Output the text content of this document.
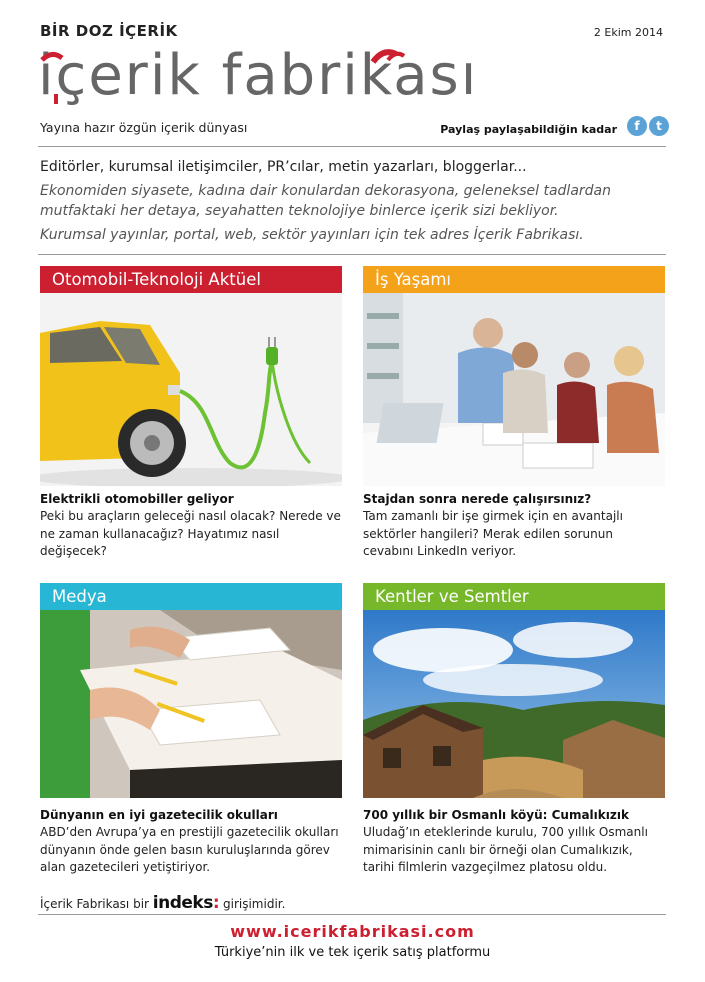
BİR DOZ İÇERİK	2 Ekim 2014
içerik fabrikası
Yayına hazır özgün içerik dünyası	Paylaş paylaşabildiğin kadar	f	t
Editörler, kurumsal iletişimciler, PR’cılar, metin yazarları, bloggerlar...
Ekonomiden siyasete, kadına dair konulardan dekorasyona, geleneksel tadlardan mutfaktaki her detaya, seyahatten teknolojiye binlerce içerik sizi bekliyor.
Kurumsal yayınlar, portal, web, sektör yayınları için tek adres İçerik Fabrikası.
Otomobil-Teknoloji Aktüel
Elektrikli otomobiller geliyor
Peki bu araçların geleceği nasıl olacak? Nerede ve ne zaman kullanacağız? Hayatımız nasıl değişecek?
İş Yaşamı
Stajdan sonra nerede çalışırsınız?
Tam zamanlı bir işe girmek için en avantajlı sektörler hangileri? Merak edilen sorunun cevabını LinkedIn veriyor.
Medya
Dünyanın en iyi gazetecilik okulları
ABD’den Avrupa’ya en prestijli gazetecilik okulları dünyanın önde gelen basın kuruluşlarında görev alan gazetecileri yetiştiriyor.
Kentler ve Semtler
700 yıllık bir Osmanlı köyü: Cumalıkızık
Uludağ’ın eteklerinde kurulu, 700 yıllık Osmanlı mimarisinin canlı bir örneği olan Cumalıkızık, tarihi filmlerin vazgeçilmez platosu oldu.
İçerik Fabrikası bir indeks: girişimidir.
www.icerikfabrikasi.com
Türkiye’nin ilk ve tek içerik satış platformu
